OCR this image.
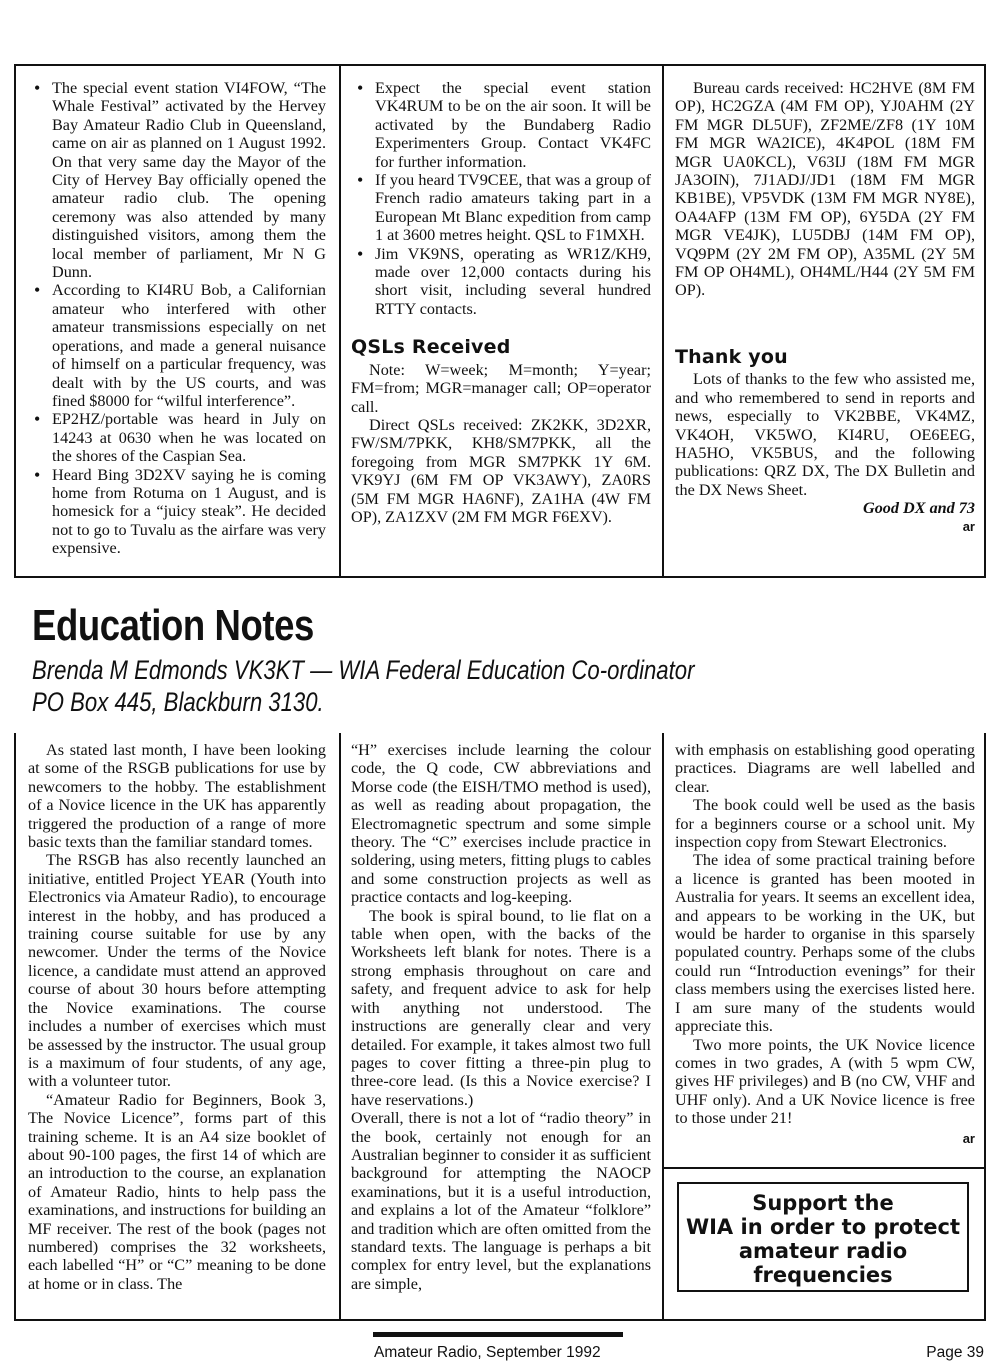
• The special event station VI4FOW, “The Whale Festival” activated by the Hervey Bay Amateur Radio Club in Queensland, came on air as planned on 1 August 1992. On that very same day the Mayor of the City of Hervey Bay officially opened the amateur radio club. The opening ceremony was also attended by many distinguished visitors, among them the local member of parliament, Mr N G Dunn.
• According to KI4RU Bob, a Californian amateur who interfered with other amateur transmissions especially on net operations, and made a general nuisance of himself on a particular frequency, was dealt with by the US courts, and was fined $8000 for “wilful interference”.
• EP2HZ/portable was heard in July on 14243 at 0630 when he was located on the shores of the Caspian Sea.
• Heard Bing 3D2XV saying he is coming home from Rotuma on 1 August, and is homesick for a “juicy steak”. He decided not to go to Tuvalu as the airfare was very expensive.
• Expect the special event station VK4RUM to be on the air soon. It will be activated by the Bundaberg Radio Experimenters Group. Contact VK4FC for further information.
• If you heard TV9CEE, that was a group of French radio amateurs taking part in a European Mt Blanc expedition from camp 1 at 3600 metres height. QSL to F1MXH.
• Jim VK9NS, operating as WR1Z/KH9, made over 12,000 contacts during his short visit, including several hundred RTTY contacts.
QSLs Received

Note: W=week; M=month; Y=year; FM=from; MGR=manager call; OP=operator call.

Direct QSLs received: ZK2KK, 3D2XR, FW/SM/7PKK, KH8/SM7PKK, all the foregoing from MGR SM7PKK 1Y 6M. VK9YJ (6M FM OP VK3AWY), ZA0RS (5M FM MGR HA6NF), ZA1HA (4W FM OP), ZA1ZXV (2M FM MGR F6EXV).

Bureau cards received: HC2HVE (8M FM OP), HC2GZA (4M FM OP), YJ0AHM (2Y FM MGR DL5UF), ZF2ME/ZF8 (1Y 10M FM MGR WA2ICE), 4K4POL (18M FM MGR UA0KCL), V63IJ (18M FM MGR JA3OIN), 7J1ADJ/JD1 (18M FM MGR KB1BE), VP5VDK (13M FM MGR NY8E), OA4AFP (13M FM OP), 6Y5DA (2Y FM MGR VE4JK), LU5DBJ (14M FM OP), VQ9PM (2Y 2M FM OP), A35ML (2Y 5M FM OP OH4ML), OH4ML/H44 (2Y 5M FM OP).

Thank you

Lots of thanks to the few who assisted me, and who remembered to send in reports and news, especially to VK2BBE, VK4MZ, VK4OH, VK5WO, KI4RU, OE6EEG, HA5HO, VK5BUS, and the following publications: QRZ DX, The DX Bulletin and the DX News Sheet.

Good DX and 73

ar

Education Notes
Brenda M Edmonds VK3KT — WIA Federal Education Co-ordinator
PO Box 445, Blackburn 3130.

As stated last month, I have been looking at some of the RSGB publications for use by newcomers to the hobby. The establishment of a Novice licence in the UK has apparently triggered the production of a range of more basic texts than the familiar standard tomes.

The RSGB has also recently launched an initiative, entitled Project YEAR (Youth into Electronics via Amateur Radio), to encourage interest in the hobby, and has produced a training course suitable for use by any newcomer. Under the terms of the Novice licence, a candidate must attend an approved course of about 30 hours before attempting the Novice examinations. The course includes a number of exercises which must be assessed by the instructor. The usual group is a maximum of four students, of any age, with a volunteer tutor.

“Amateur Radio for Beginners, Book 3, The Novice Licence”, forms part of this training scheme. It is an A4 size booklet of about 90-100 pages, the first 14 of which are an introduction to the course, an explanation of Amateur Radio, hints to help pass the examinations, and instructions for building an MF receiver. The rest of the book (pages not numbered) comprises the 32 worksheets, each labelled “H” or “C” meaning to be done at home or in class. The

“H” exercises include learning the colour code, the Q code, CW abbreviations and Morse code (the EISH/TMO method is used), as well as reading about propagation, the Electromagnetic spectrum and some simple theory. The “C” exercises include practice in soldering, using meters, fitting plugs to cables and some construction projects as well as practice contacts and log-keeping.

The book is spiral bound, to lie flat on a table when open, with the backs of the Worksheets left blank for notes. There is a strong emphasis throughout on care and safety, and frequent advice to ask for help with anything not understood. The instructions are generally clear and very detailed. For example, it takes almost two full pages to cover fitting a three-pin plug to three-core lead. (Is this a Novice exercise? I have reservations.)

Overall, there is not a lot of “radio theory” in the book, certainly not enough for an Australian beginner to consider it as sufficient background for attempting the NAOCP examinations, but it is a useful introduction, and explains a lot of the Amateur “folklore” and tradition which are often omitted from the standard texts. The language is perhaps a bit complex for entry level, but the explanations are simple,

with emphasis on establishing good operating practices. Diagrams are well labelled and clear.

The book could well be used as the basis for a beginners course or a school unit. My inspection copy from Stewart Electronics.

The idea of some practical training before a licence is granted has been mooted in Australia for years. It seems an excellent idea, and appears to be working in the UK, but would be harder to organise in this sparsely populated country. Perhaps some of the clubs could run “Introduction evenings” for their class members using the exercises listed here. I am sure many of the students would appreciate this.

Two more points, the UK Novice licence comes in two grades, A (with 5 wpm CW, gives HF privileges) and B (no CW, VHF and UHF only). And a UK Novice licence is free to those under 21!

ar

Support the
WIA in order to protect
amateur radio
frequencies
Amateur Radio, September 1992	Page 39
